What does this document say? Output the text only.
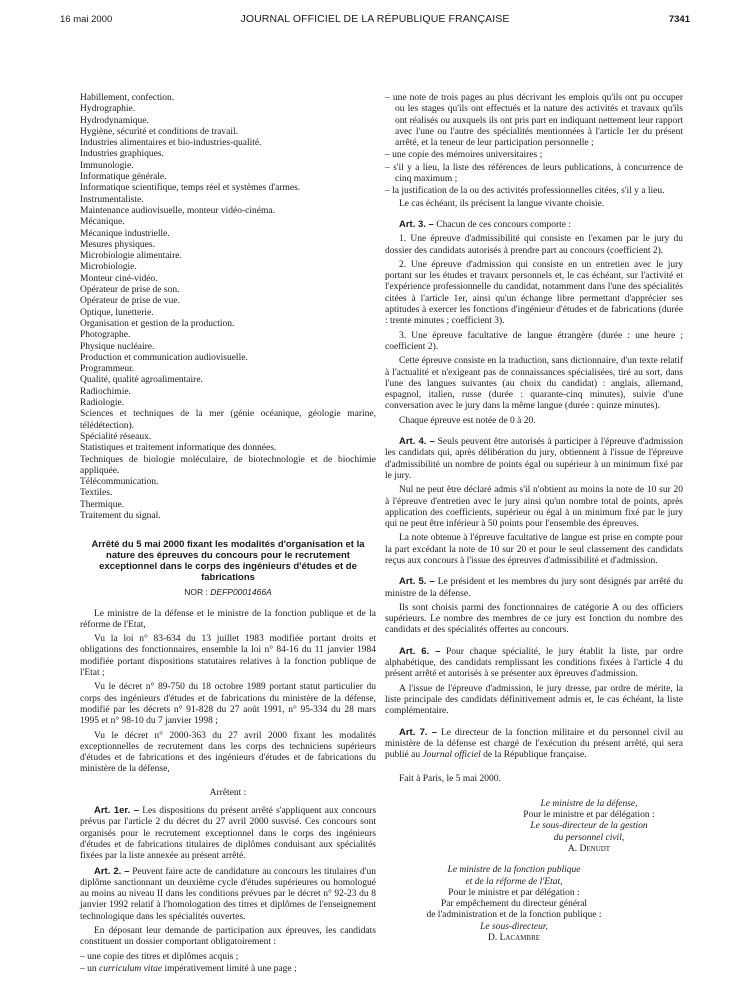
16 mai 2000	JOURNAL OFFICIEL DE LA RÉPUBLIQUE FRANÇAISE	7341
Habillement, confection.
Hydrographie.
Hydrodynamique.
Hygiène, sécurité et conditions de travail.
Industries alimentaires et bio-industries-qualité.
Industries graphiques.
Immunologie.
Informatique générale.
Informatique scientifique, temps réel et systèmes d'armes.
Instrumentaliste.
Maintenance audiovisuelle, monteur vidéo-cinéma.
Mécanique.
Mécanique industrielle.
Mesures physiques.
Microbiologie alimentaire.
Microbiologie.
Monteur ciné-vidéo.
Opérateur de prise de son.
Opérateur de prise de vue.
Optique, lunetterie.
Organisation et gestion de la production.
Photographe.
Physique nucléaire.
Production et communication audiovisuelle.
Programmeur.
Qualité, qualité agroalimentaire.
Radiochimie.
Radiologie.
Sciences et techniques de la mer (génie océanique, géologie marine, télédétection).
Spécialité réseaux.
Statistiques et traitement informatique des données.
Techniques de biologie moléculaire, de biotechnologie et de biochimie appliquée.
Télécommunication.
Textiles.
Thermique.
Traitement du signal.
Arrêté du 5 mai 2000 fixant les modalités d'organisation et la nature des épreuves du concours pour le recrutement exceptionnel dans le corps des ingénieurs d'études et de fabrications
NOR : DEFP0001466A

Le ministre de la défense et le ministre de la fonction publique et de la réforme de l'Etat,

Vu la loi n° 83-634 du 13 juillet 1983 modifiée portant droits et obligations des fonctionnaires, ensemble la loi n° 84-16 du 11 janvier 1984 modifiée portant dispositions statutaires relatives à la fonction publique de l'Etat ;

Vu le décret n° 89-750 du 18 octobre 1989 portant statut particulier du corps des ingénieurs d'études et de fabrications du ministère de la défense, modifié par les décrets n° 91-828 du 27 août 1991, n° 95-334 du 28 mars 1995 et n° 98-10 du 7 janvier 1998 ;

Vu le décret n° 2000-363 du 27 avril 2000 fixant les modalités exceptionnelles de recrutement dans les corps des techniciens supérieurs d'études et de fabrications et des ingénieurs d'études et de fabrications du ministère de la défense,

Arrêtent :

Art. 1er. – Les dispositions du présent arrêté s'appliquent aux concours prévus par l'article 2 du décret du 27 avril 2000 susvisé. Ces concours sont organisés pour le recrutement exceptionnel dans le corps des ingénieurs d'études et de fabrications titulaires de diplômes conduisant aux spécialités fixées par la liste annexée au présent arrêté.

Art. 2. – Peuvent faire acte de candidature au concours les titulaires d'un diplôme sanctionnant un deuxième cycle d'études supérieures ou homologué au moins au niveau II dans les conditions prévues par le décret n° 92-23 du 8 janvier 1992 relatif à l'homologation des titres et diplômes de l'enseignement technologique dans les spécialités ouvertes.

En déposant leur demande de participation aux épreuves, les candidats constituent un dossier comportant obligatoirement :

– une copie des titres et diplômes acquis ;
– un curriculum vitae impérativement limité à une page ;
– une note de trois pages au plus décrivant les emplois qu'ils ont pu occuper ou les stages qu'ils ont effectués et la nature des activités et travaux qu'ils ont réalisés ou auxquels ils ont pris part en indiquant nettement leur rapport avec l'une ou l'autre des spécialités mentionnées à l'article 1er du présent arrêté, et la teneur de leur participation personnelle ;
– une copie des mémoires universitaires ;
– s'il y a lieu, la liste des références de leurs publications, à concurrence de cinq maximum ;
– la justification de la ou des activités professionnelles citées, s'il y a lieu.

Le cas échéant, ils précisent la langue vivante choisie.

Art. 3. – Chacun de ces concours comporte :

1. Une épreuve d'admissibilité qui consiste en l'examen par le jury du dossier des candidats autorisés à prendre part au concours (coefficient 2).

2. Une épreuve d'admission qui consiste en un entretien avec le jury portant sur les études et travaux personnels et, le cas échéant, sur l'activité et l'expérience professionnelle du candidat, notamment dans l'une des spécialités citées à l'article 1er, ainsi qu'un échange libre permettant d'apprécier ses aptitudes à exercer les fonctions d'ingénieur d'études et de fabrications (durée : trente minutes ; coefficient 3).

3. Une épreuve facultative de langue étrangère (durée : une heure ; coefficient 2).

Cette épreuve consiste en la traduction, sans dictionnaire, d'un texte relatif à l'actualité et n'exigeant pas de connaissances spécialisées, tiré au sort, dans l'une des langues suivantes (au choix du candidat) : anglais, allemand, espagnol, italien, russe (durée : quarante-cinq minutes), suivie d'une conversation avec le jury dans la même langue (durée : quinze minutes).

Chaque épreuve est notée de 0 à 20.

Art. 4. – Seuls peuvent être autorisés à participer à l'épreuve d'admission les candidats qui, après délibération du jury, obtiennent à l'issue de l'épreuve d'admissibilité un nombre de points égal ou supérieur à un minimum fixé par le jury.

Nul ne peut être déclaré admis s'il n'obtient au moins la note de 10 sur 20 à l'épreuve d'entretien avec le jury ainsi qu'un nombre total de points, après application des coefficients, supérieur ou égal à un minimum fixé par le jury qui ne peut être inférieur à 50 points pour l'ensemble des épreuves.

La note obtenue à l'épreuve facultative de langue est prise en compte pour la part excédant la note de 10 sur 20 et pour le seul classement des candidats reçus aux concours à l'issue des épreuves d'admissibilité et d'admission.

Art. 5. – Le président et les membres du jury sont désignés par arrêté du ministre de la défense.

Ils sont choisis parmi des fonctionnaires de catégorie A ou des officiers supérieurs. Le nombre des membres de ce jury est fonction du nombre des candidats et des spécialités offertes au concours.

Art. 6. – Pour chaque spécialité, le jury établit la liste, par ordre alphabétique, des candidats remplissant les conditions fixées à l'article 4 du présent arrêté et autorisés à se présenter aux épreuves d'admission.

A l'issue de l'épreuve d'admission, le jury dresse, par ordre de mérite, la liste principale des candidats définitivement admis et, le cas échéant, la liste complémentaire.

Art. 7. – Le directeur de la fonction militaire et du personnel civil au ministère de la défense est chargé de l'exécution du présent arrêté, qui sera publié au Journal officiel de la République française.

Fait à Paris, le 5 mai 2000.

Le ministre de la défense,
Pour le ministre et par délégation :
Le sous-directeur de la gestion
du personnel civil,
A. Denudt
Le ministre de la fonction publique
et de la réforme de l'Etat,
Pour le ministre et par délégation :
Par empêchement du directeur général
de l'administration et de la fonction publique :
Le sous-directeur,
D. Lacambre
